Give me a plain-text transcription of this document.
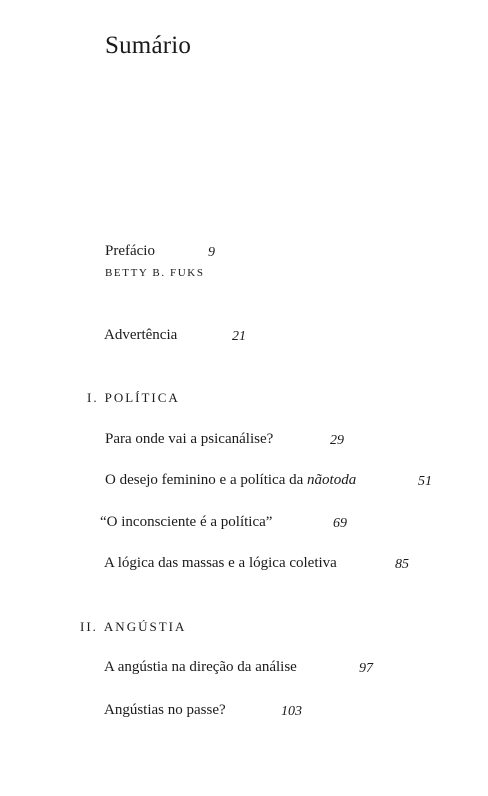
Sumário
Prefácio	9
BETTY B. FUKS
Advertência	21
I. POLÍTICA
Para onde vai a psicanálise?	29
O desejo feminino e a política da nãotoda	51
“O inconsciente é a política”	69
A lógica das massas e a lógica coletiva	85
II. ANGÚSTIA
A angústia na direção da análise	97
Angústias no passe?	103
